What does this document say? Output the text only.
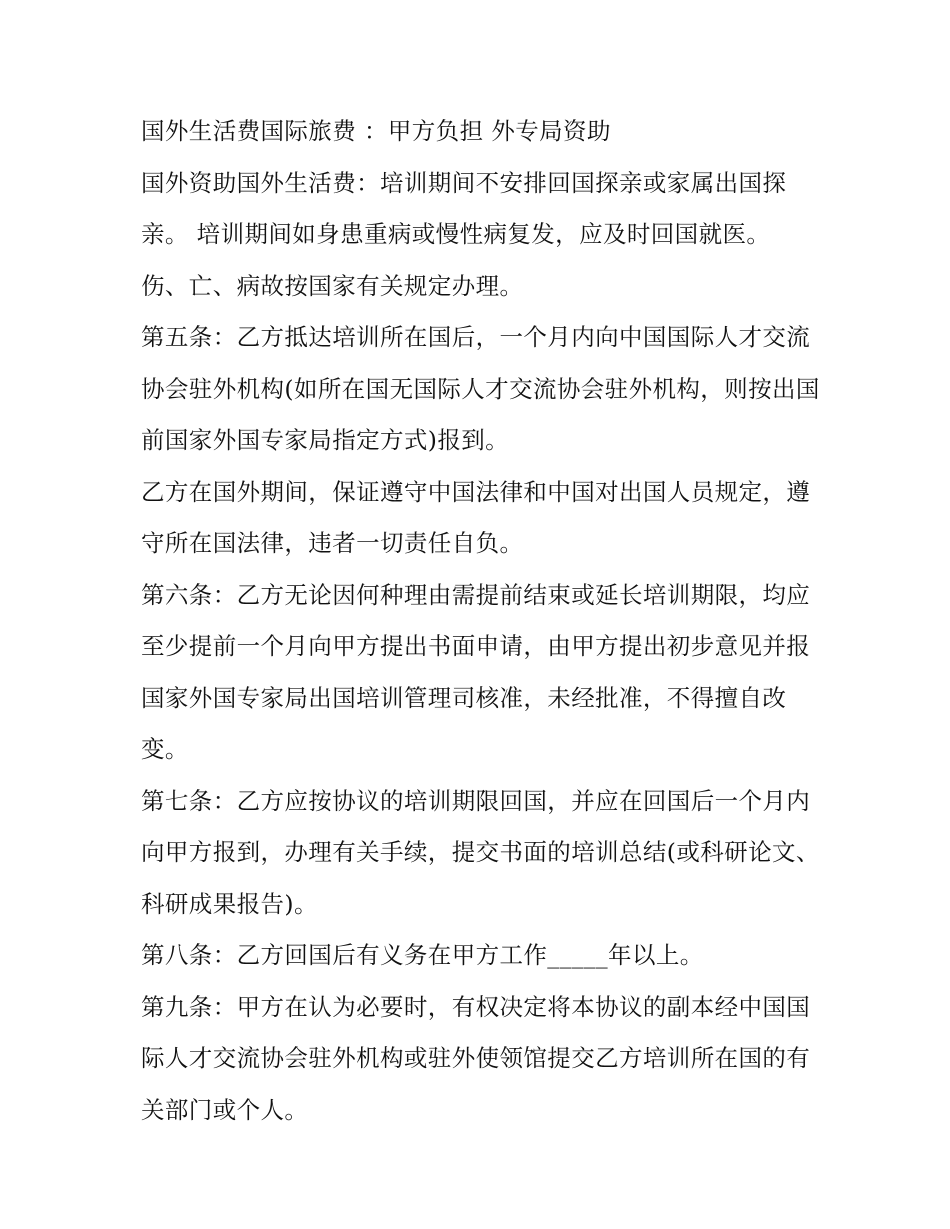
国外生活费国际旅费 ：甲方负担 外专局资助

国外资助国外生活费：培训期间不安排回国探亲或家属出国探亲。 培训期间如身患重病或慢性病复发，应及时回国就医。

伤、亡、病故按国家有关规定办理。

第五条：乙方抵达培训所在国后，一个月内向中国国际人才交流协会驻外机构(如所在国无国际人才交流协会驻外机构，则按出国前国家外国专家局指定方式)报到。

乙方在国外期间，保证遵守中国法律和中国对出国人员规定，遵守所在国法律，违者一切责任自负。

第六条：乙方无论因何种理由需提前结束或延长培训期限，均应至少提前一个月向甲方提出书面申请，由甲方提出初步意见并报国家外国专家局出国培训管理司核准，未经批准，不得擅自改变。

第七条：乙方应按协议的培训期限回国，并应在回国后一个月内向甲方报到，办理有关手续，提交书面的培训总结(或科研论文、科研成果报告)。

第八条：乙方回国后有义务在甲方工作_____年以上。

第九条：甲方在认为必要时，有权决定将本协议的副本经中国国际人才交流协会驻外机构或驻外使领馆提交乙方培训所在国的有关部门或个人。
